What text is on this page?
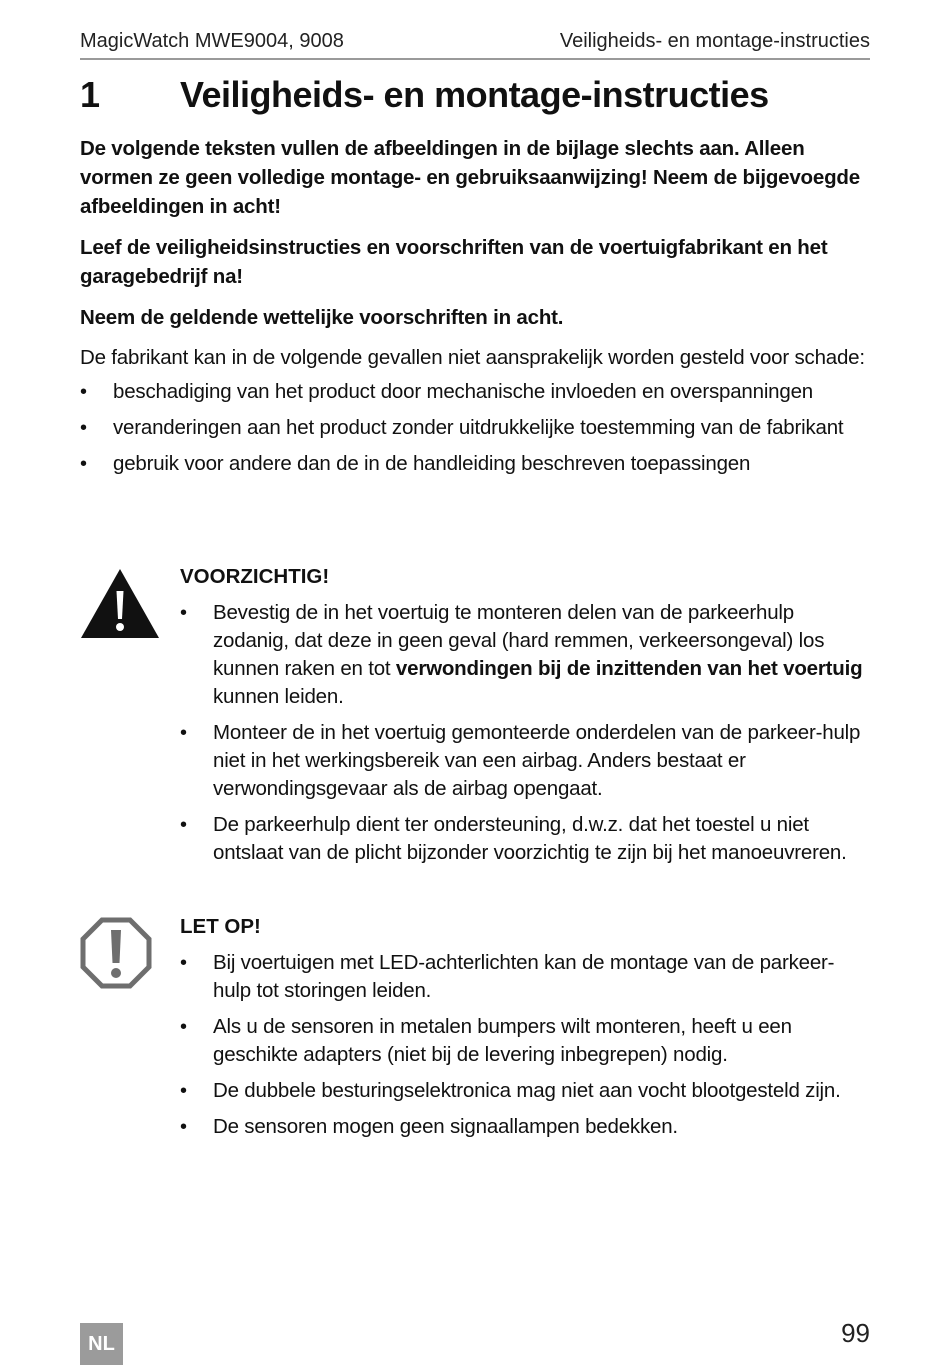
MagicWatch MWE9004, 9008	Veiligheids- en montage-instructies
1 Veiligheids- en montage-instructies

De volgende teksten vullen de afbeeldingen in de bijlage slechts aan. Alleen vormen ze geen volledige montage- en gebruiksaanwijzing! Neem de bijgevoegde afbeeldingen in acht!

Leef de veiligheidsinstructies en voorschriften van de voertuigfabrikant en het garagebedrijf na!

Neem de geldende wettelijke voorschriften in acht.

De fabrikant kan in de volgende gevallen niet aansprakelijk worden gesteld voor schade:

• beschadiging van het product door mechanische invloeden en overspanningen
• veranderingen aan het product zonder uitdrukkelijke toestemming van de fabrikant
• gebruik voor andere dan de in de handleiding beschreven toepassingen
VOORZICHTIG!
• Bevestig de in het voertuig te monteren delen van de parkeerhulp zodanig, dat deze in geen geval (hard remmen, verkeersongeval) los kunnen raken en tot verwondingen bij de inzittenden van het voertuig kunnen leiden.
• Monteer de in het voertuig gemonteerde onderdelen van de parkeer-hulp niet in het werkingsbereik van een airbag. Anders bestaat er verwondingsgevaar als de airbag opengaat.
• De parkeerhulp dient ter ondersteuning, d.w.z. dat het toestel u niet ontslaat van de plicht bijzonder voorzichtig te zijn bij het manoeuvreren.
LET OP!
• Bij voertuigen met LED-achterlichten kan de montage van de parkeer-hulp tot storingen leiden.
• Als u de sensoren in metalen bumpers wilt monteren, heeft u een geschikte adapters (niet bij de levering inbegrepen) nodig.
• De dubbele besturingselektronica mag niet aan vocht blootgesteld zijn.
• De sensoren mogen geen signaallampen bedekken.
NL	99
